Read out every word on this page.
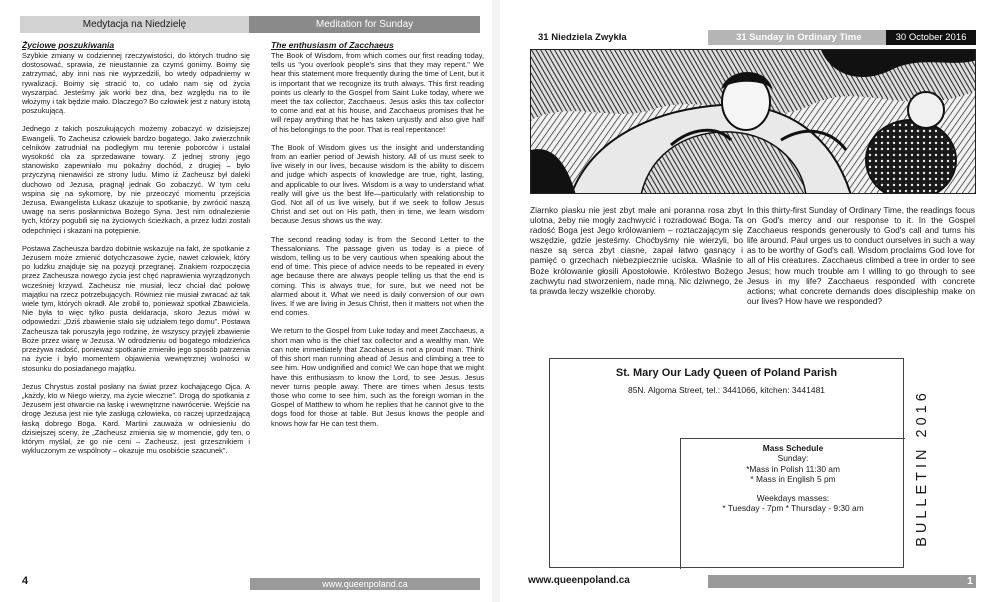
Medytacja na Niedzielę	Meditation for Sunday
Życiowe poszukiwania

Szybkie zmiany w codziennej rzeczywistości, do których trudno się dostosować, sprawia, że nieustannie za czymś gonimy. Boimy się zatrzymać, aby inni nas nie wyprzedzili, bo wtedy odpadniemy w rywalizacji. Boimy się stracić to, co udało nam się od życia wyszarpać. Jesteśmy jak worki bez dna, bez względu na to ile włożymy i tak będzie mało. Dlaczego? Bo człowiek jest z natury istotą poszukującą.

Jednego z takich poszukujących możemy zobaczyć w dzisiejszej Ewangelii. To Zacheusz człowiek bardzo bogatego. Jako zwierzchnik celników zatrudniał na podległym mu terenie poborców i ustalał wysokość cła za sprzedawane towary. Z jednej strony jego stanowisko zapewniało mu pokaźny dochód, z drugiej – było przyczyną nienawiści ze strony ludu. Mimo iż Zacheusz był daleki duchowo od Jezusa, pragnął jednak Go zobaczyć. W tym celu wspina się na sykomorę, by nie przeoczyć momentu przejścia Jezusa. Ewangelista Łukasz ukazuje to spotkanie, by zwrócić naszą uwagę na sens posłannictwa Bożego Syna. Jest nim odnalezienie tych, którzy pogubili się na życiowych ścieżkach, a przez ludzi zostali odepchnięci i skazani na potępienie.

Postawa Zacheusza bardzo dobitnie wskazuje na fakt, że spotkanie z Jezusem może zmienić dotychczasowe życie, nawet człowiek, który po ludzku znajduje się na pozycji przegranej. Znakiem rozpoczęcia przez Zacheusza nowego życia jest chęć naprawienia wyrządzonych wcześniej krzywd. Zacheusz nie musiał, lecz chciał dać połowę majątku na rzecz potrzebujących. Również nie musiał zwracać aż tak wiele tym, których okradł. Ale zrobił to, ponieważ spotkał Zbawiciela. Nie była to więc tylko pusta deklaracja, skoro Jezus mówi w odpowiedzi: „Dziś zbawienie stało się udziałem tego domu”. Postawa Zacheusza tak poruszyła jego rodzinę, że wszyscy przyjęli zbawienie Boże przez wiarę w Jezusa. W odrodzieniu od bogatego młodzieńca przeżywa radość, ponieważ spotkanie zmieniło jego sposób patrzenia na życie i było momentem objawienia wewnętrznej wolności w stosunku do posiadanego majątku.

Jezus Chrystus został posłany na świat przez kochającego Ojca. A „każdy, kto w Niego wierzy, ma życie wieczne”. Drogą do spotkania z Jezusem jest otwarcie na łaskę i wewnętrzne nawrócenie. Wejście na drogę Jezusa jest nie tyle zasługą człowieka, co raczej uprzedzającą łaską dobrego Boga. Kard. Martini zauważa w odniesieniu do dzisiejszej sceny, że „Zacheusz zmienia się w momencie, gdy ten, o którym myślał, że go nie ceni – Zacheusz, jest grzesznikiem i wykluczonym ze wspólnoty – okazuje mu osobiście szacunek”.

The enthusiasm of Zacchaeus

The Book of Wisdom, from which comes our first reading today, tells us "you overlook people's sins that they may repent." We hear this statement more frequently during the time of Lent, but it is important that we recognize its truth always. This first reading points us clearly to the Gospel from Saint Luke today, where we meet the tax collector, Zacchaeus. Jesus asks this tax collector to come and eat at his house, and Zacchaeus promises that he will repay anything that he has taken unjustly and also give half of his belongings to the poor. That is real repentance!

The Book of Wisdom gives us the insight and understanding from an earlier period of Jewish history. All of us must seek to live wisely in our lives, because wisdom is the ability to discern and judge which aspects of knowledge are true, right, lasting, and applicable to our lives. Wisdom is a way to understand what really will give us the best life—particularly with relationship to God. Not all of us live wisely, but if we seek to follow Jesus Christ and set out on His path, then in time, we learn wisdom because Jesus shows us the way.

The second reading today is from the Second Letter to the Thessalonians. The passage given us today is a piece of wisdom, telling us to be very cautious when speaking about the end of time. This piece of advice needs to be repeated in every age because there are always people telling us that the end is coming. This is always true, for sure, but we need not be alarmed about it. What we need is daily conversion of our own lives. If we are living in Jesus Christ, then it matters not when the end comes.

We return to the Gospel from Luke today and meet Zacchaeus, a short man who is the chief tax collector and a wealthy man. We can note immediately that Zacchaeus is not a proud man. Think of this short man running ahead of Jesus and climbing a tree to see him. How undignified and comic! We can hope that we might have this enthusiasm to know the Lord, to see Jesus. Jesus never turns people away. There are times when Jesus tests those who come to see him, such as the foreign woman in the Gospel of Matthew to whom he replies that he cannot give to the dogs food for those at table. But Jesus knows the people and knows how far He can test them.

4	www.queenpoland.ca
31 Niedziela Zwykła	31 Sunday in Ordinary Time	30 October 2016
Ziarnko piasku nie jest zbyt małe ani poranna rosa zbyt ulotna, żeby nie mogły zachwycić i rozradować Boga. Ta radość Boga jest Jego królowaniem – roztaczającym się wszędzie, gdzie jesteśmy. Choćbyśmy nie wierzyli, bo nasze są serca zbyt ciasne, zapał łatwo gasnący i pamięć o grzechach niebezpiecznie uciska. Właśnie to Boże królowanie głosili Apostołowie. Królestwo Bożego zachwytu nad stworzeniem, nade mną. Nic dziwnego, że ta prawda leczy wszelkie choroby.
In this thirty-first Sunday of Ordinary Time, the readings focus on God's mercy and our response to it. In the Gospel Zacchaeus responds generously to God's call and turns his life around. Paul urges us to conduct ourselves in such a way as to be worthy of God's call. Wisdom proclaims God love for all of His creatures. Zacchaeus climbed a tree in order to see Jesus; how much trouble am I willing to go through to see Jesus in my life? Zacchaeus responded with concrete actions; what concrete demands does discipleship make on our lives? How have we responded?
St. Mary Our Lady Queen of Poland Parish
85N. Algoma Street, tel.: 3441066, kitchen: 3441481
Mass Schedule
Sunday:
*Mass in Polish 11:30 am
* Mass in English 5 pm
Weekdays masses:
* Tuesday - 7pm * Thursday - 9:30 am	BULLETIN 2016
www.queenpoland.ca	1
